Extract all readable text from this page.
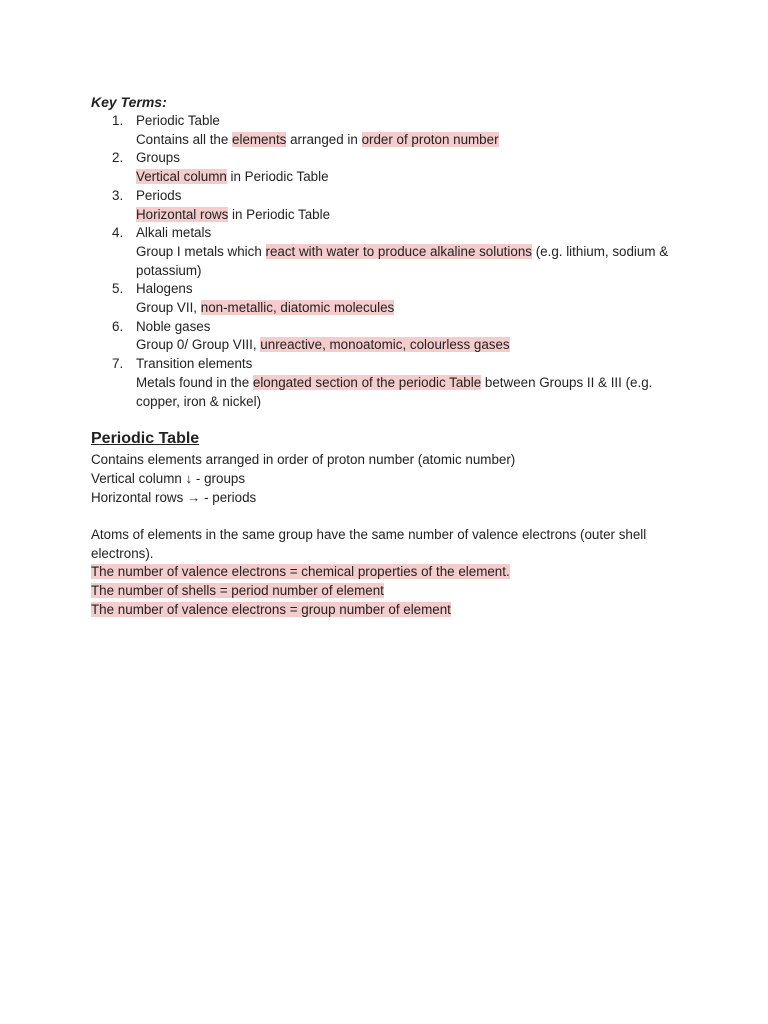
Key Terms:
1. Periodic Table
Contains all the elements arranged in order of proton number
2. Groups
Vertical column in Periodic Table
3. Periods
Horizontal rows in Periodic Table
4. Alkali metals
Group I metals which react with water to produce alkaline solutions (e.g. lithium, sodium & potassium)
5. Halogens
Group VII, non-metallic, diatomic molecules
6. Noble gases
Group 0/ Group VIII, unreactive, monoatomic, colourless gases
7. Transition elements
Metals found in the elongated section of the periodic Table between Groups II & III (e.g. copper, iron & nickel)
Periodic Table
Contains elements arranged in order of proton number (atomic number)
Vertical column ↓ - groups
Horizontal rows → - periods
Atoms of elements in the same group have the same number of valence electrons (outer shell electrons).
The number of valence electrons = chemical properties of the element.
The number of shells = period number of element
The number of valence electrons = group number of element
